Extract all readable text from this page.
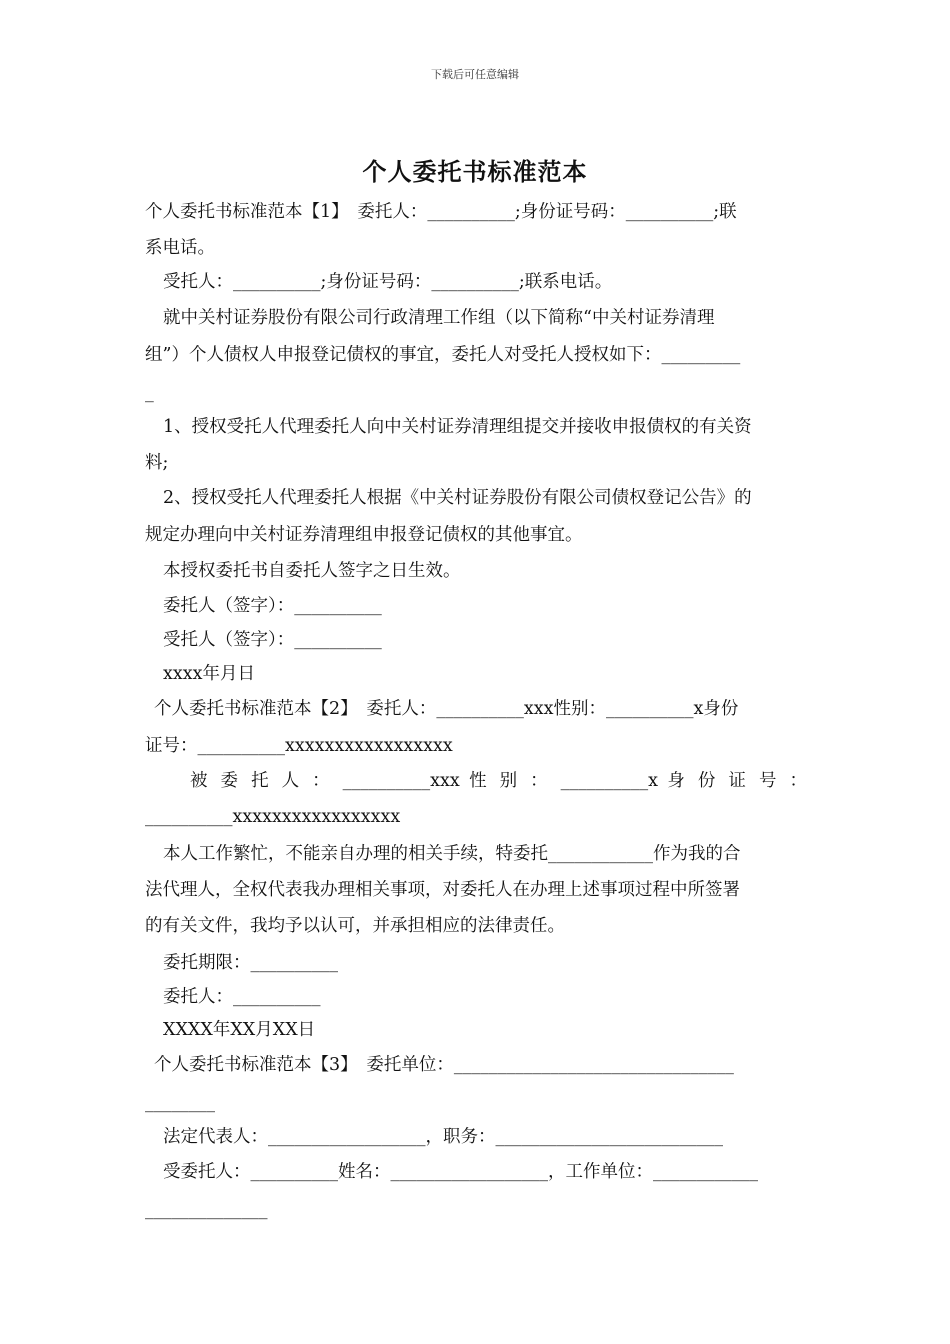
下载后可任意编辑
个人委托书标准范本
个人委托书标准范本【1】　委托人：__________;身份证号码：__________;联
系电话。
受托人：__________;身份证号码：__________;联系电话。
就中关村证券股份有限公司行政清理工作组（以下简称“中关村证券清理
组”）个人债权人申报登记债权的事宜，委托人对受托人授权如下：_________
_
1、授权受托人代理委托人向中关村证券清理组提交并接收申报债权的有关资
料;
2、授权受托人代理委托人根据《中关村证券股份有限公司债权登记公告》的
规定办理向中关村证券清理组申报登记债权的其他事宜。
本授权委托书自委托人签字之日生效。
委托人（签字）：__________
受托人（签字）：__________
xxxx年月日
个人委托书标准范本【2】　委托人：__________xxx性别：__________x身份
证号：__________xxxxxxxxxxxxxxxxx
被 委 托 人 ： __________xxx 性 别 ： __________x 身 份 证 号 ：
__________xxxxxxxxxxxxxxxxx
本人工作繁忙，不能亲自办理的相关手续，特委托____________作为我的合
法代理人，全权代表我办理相关事项，对委托人在办理上述事项过程中所签署
的有关文件，我均予以认可，并承担相应的法律责任。
委托期限：__________
委托人：__________
XXXX年XX月XX日
个人委托书标准范本【3】　委托单位：________________________________
________
法定代表人：__________________，职务：__________________________
受委托人：__________姓名：__________________，工作单位：____________
______________
